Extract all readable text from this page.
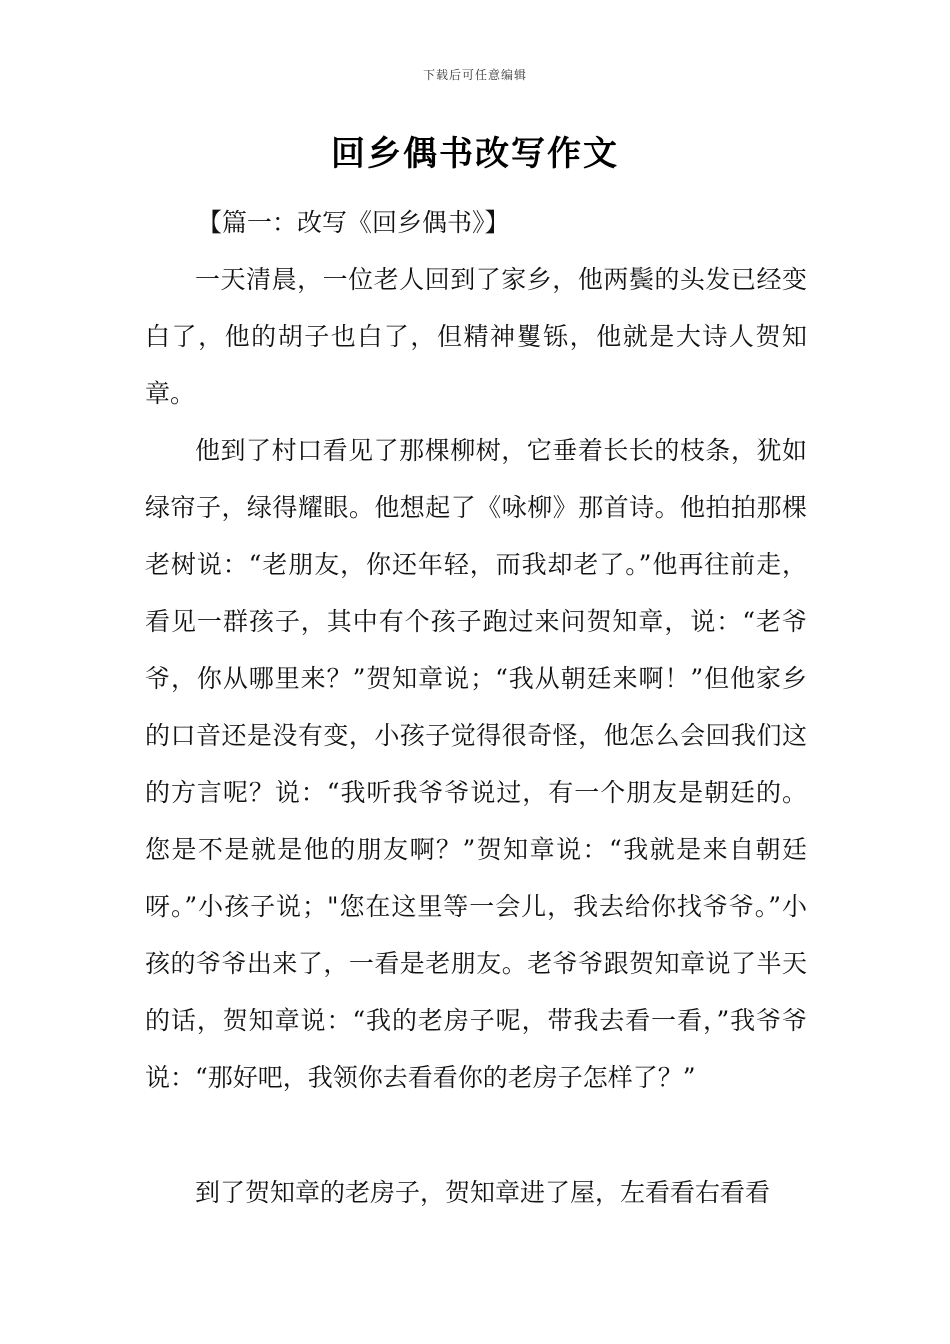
下载后可任意编辑
回乡偶书改写作文
【篇一：改写《回乡偶书》】

一天清晨，一位老人回到了家乡，他两鬓的头发已经变白了，他的胡子也白了，但精神矍铄，他就是大诗人贺知章。

他到了村口看见了那棵柳树，它垂着长长的枝条，犹如绿帘子，绿得耀眼。他想起了《咏柳》那首诗。他拍拍那棵老树说：“老朋友，你还年轻，而我却老了。”他再往前走，看见一群孩子，其中有个孩子跑过来问贺知章，说：“老爷爷，你从哪里来？”贺知章说；“我从朝廷来啊！”但他家乡的口音还是没有变，小孩子觉得很奇怪，他怎么会回我们这的方言呢？说：“我听我爷爷说过，有一个朋友是朝廷的。您是不是就是他的朋友啊？”贺知章说：“我就是来自朝廷呀。”小孩子说；"您在这里等一会儿，我去给你找爷爷。”小孩的爷爷出来了，一看是老朋友。老爷爷跟贺知章说了半天的话，贺知章说：“我的老房子呢，带我去看一看，”我爷爷说：“那好吧，我领你去看看你的老房子怎样了？”

到了贺知章的老房子，贺知章进了屋，左看看右看看
